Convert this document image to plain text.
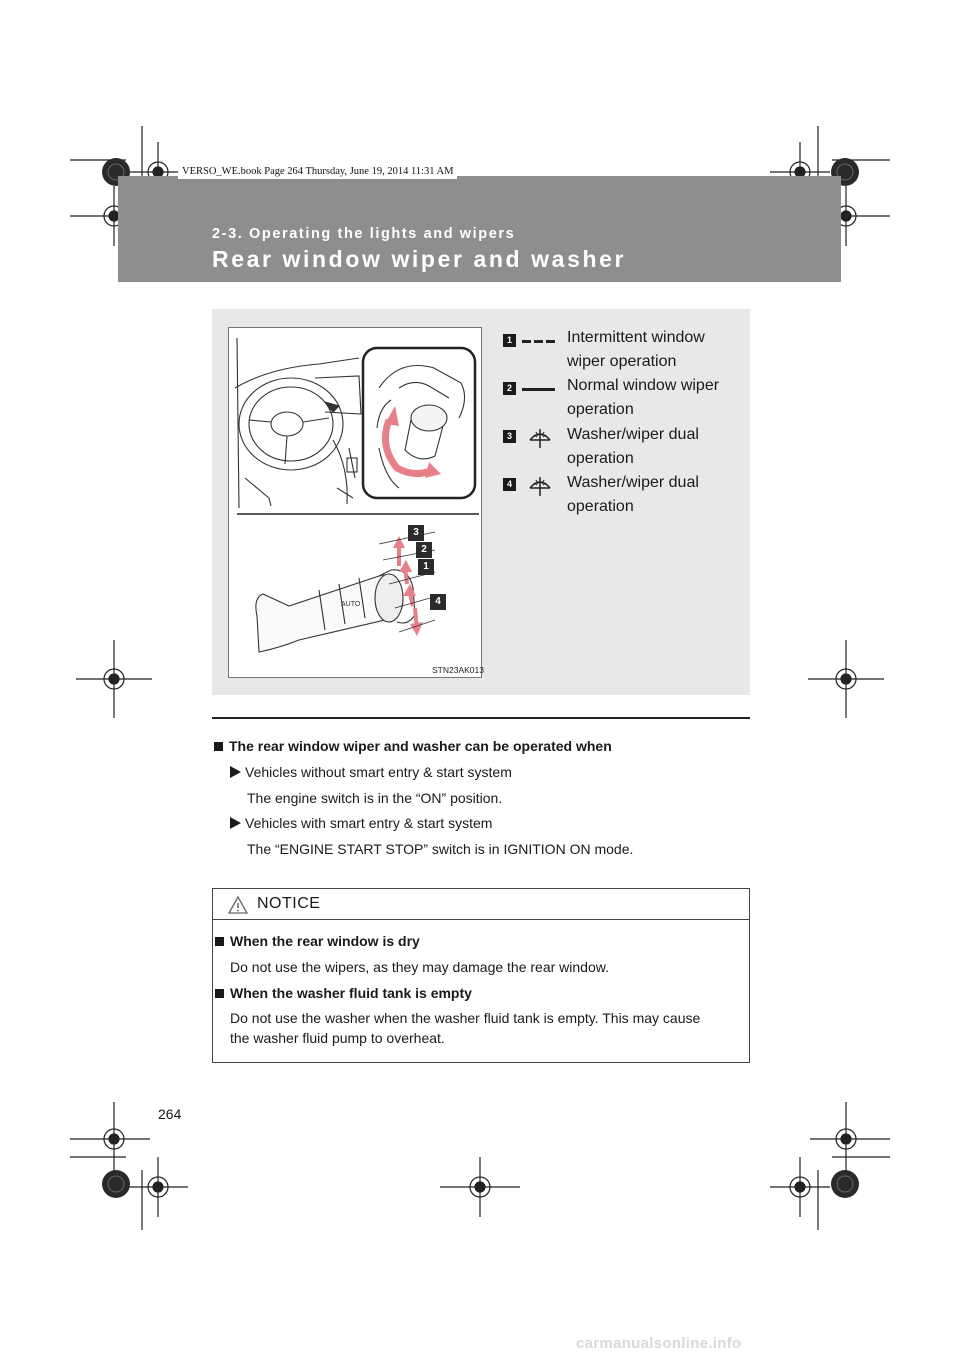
VERSO_WE.book Page 264 Thursday, June 19, 2014 11:31 AM
2-3. Operating the lights and wipers
Rear window wiper and washer
AUTO
3
2
1
4
STN23AK013
1	Intermittent window
wiper operation
2	Normal window wiper
operation
3	Washer/wiper dual
operation
4	Washer/wiper dual
operation
The rear window wiper and washer can be operated when
Vehicles without smart entry & start system
The engine switch is in the “ON” position.
Vehicles with smart entry & start system
The “ENGINE START STOP” switch is in IGNITION ON mode.
NOTICE
When the rear window is dry
Do not use the wipers, as they may damage the rear window.
When the washer fluid tank is empty
Do not use the washer when the washer fluid tank is empty. This may cause
the washer fluid pump to overheat.
264
carmanualsonline.info
